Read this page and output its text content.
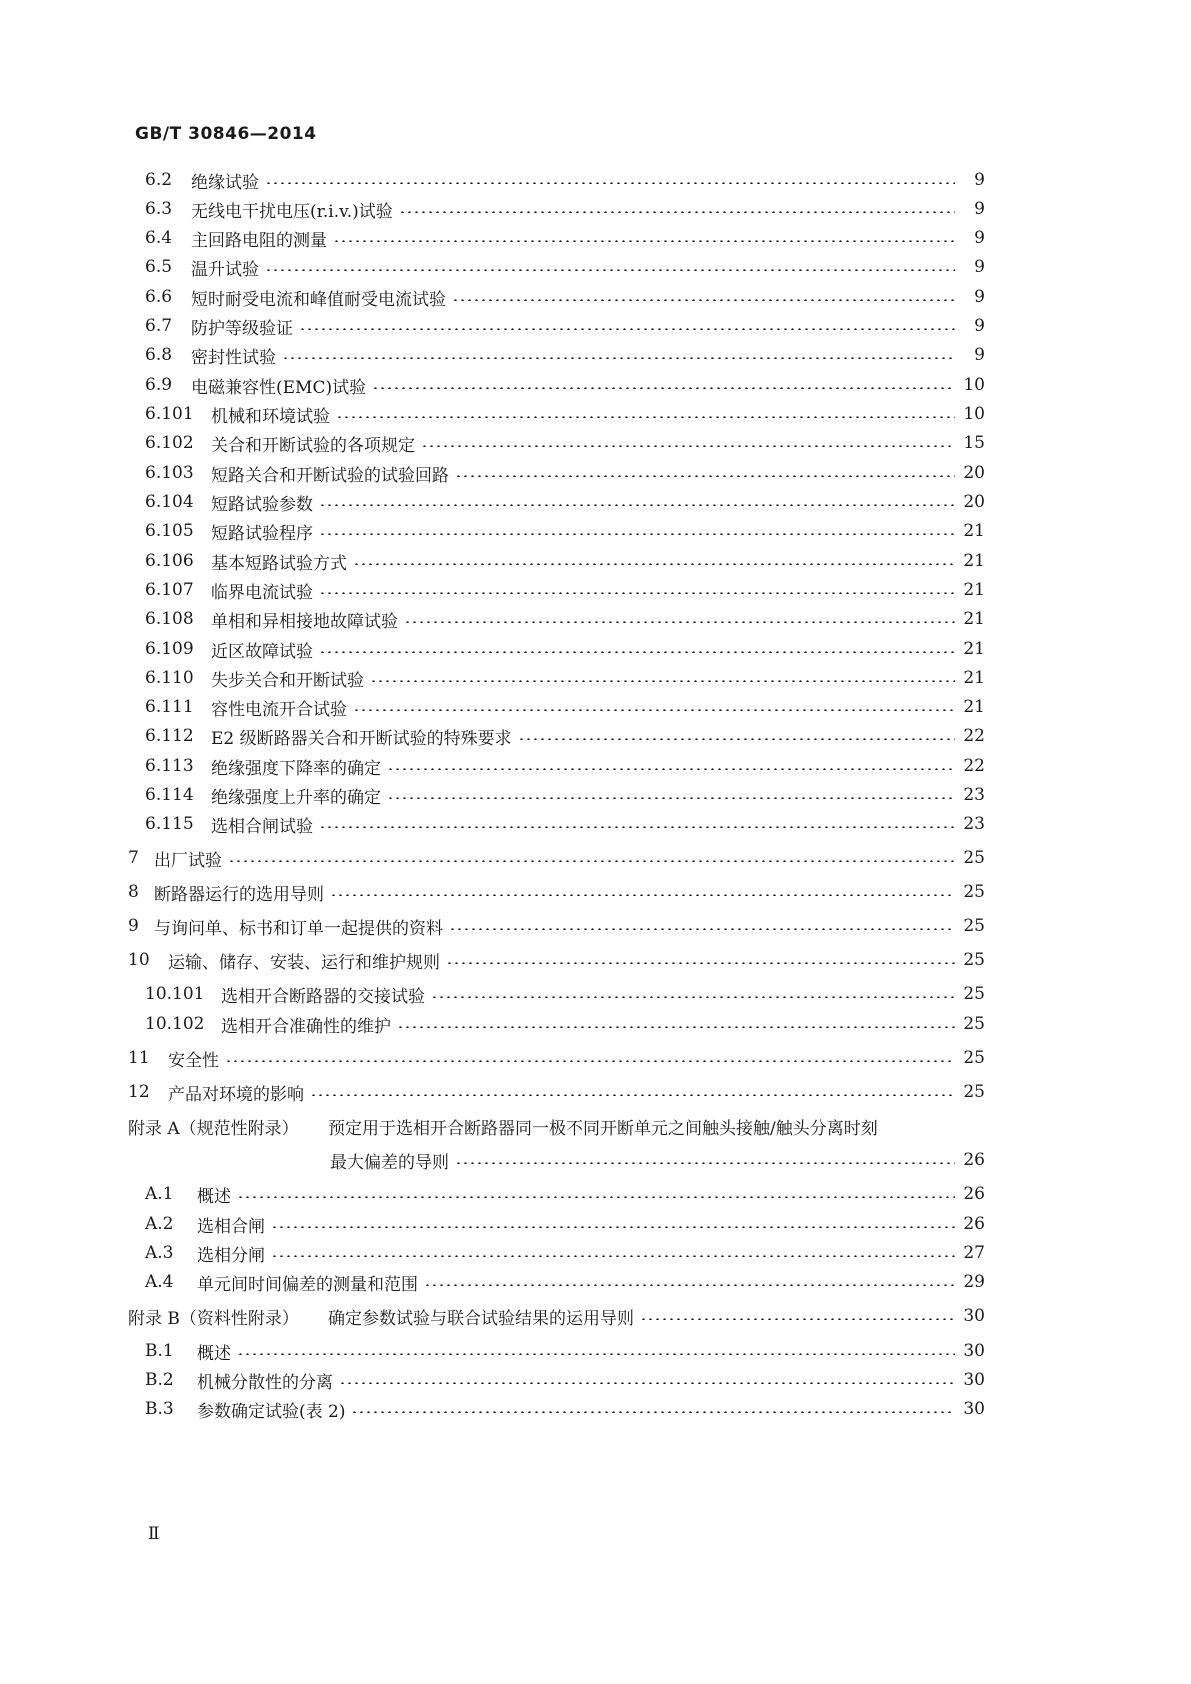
GB/T 30846—2014
6.2	绝缘试验	9
6.3	无线电干扰电压(r.i.v.)试验	9
6.4	主回路电阻的测量	9
6.5	温升试验	9
6.6	短时耐受电流和峰值耐受电流试验	9
6.7	防护等级验证	9
6.8	密封性试验	9
6.9	电磁兼容性(EMC)试验	10
6.101	机械和环境试验	10
6.102	关合和开断试验的各项规定	15
6.103	短路关合和开断试验的试验回路	20
6.104	短路试验参数	20
6.105	短路试验程序	21
6.106	基本短路试验方式	21
6.107	临界电流试验	21
6.108	单相和异相接地故障试验	21
6.109	近区故障试验	21
6.110	失步关合和开断试验	21
6.111	容性电流开合试验	21
6.112	E2 级断路器关合和开断试验的特殊要求	22
6.113	绝缘强度下降率的确定	22
6.114	绝缘强度上升率的确定	23
6.115	选相合闸试验	23
7 出厂试验	25
8 断路器运行的选用导则	25
9 与询问单、标书和订单一起提供的资料	25
10	运输、储存、安装、运行和维护规则	25
10.101 选相开合断路器的交接试验	25
10.102 选相开合准确性的维护	25
11	安全性	25
12	产品对环境的影响	25
附录 A（规范性附录）	预定用于选相开合断路器同一极不同开断单元之间触头接触/触头分离时刻
最大偏差的导则	26
A.1	概述	26
A.2	选相合闸	26
A.3	选相分闸	27
A.4	单元间时间偏差的测量和范围	29
附录 B（资料性附录）	确定参数试验与联合试验结果的运用导则	30
B.1	概述	30
B.2	机械分散性的分离	30
B.3	参数确定试验(表 2)	30
Ⅱ
